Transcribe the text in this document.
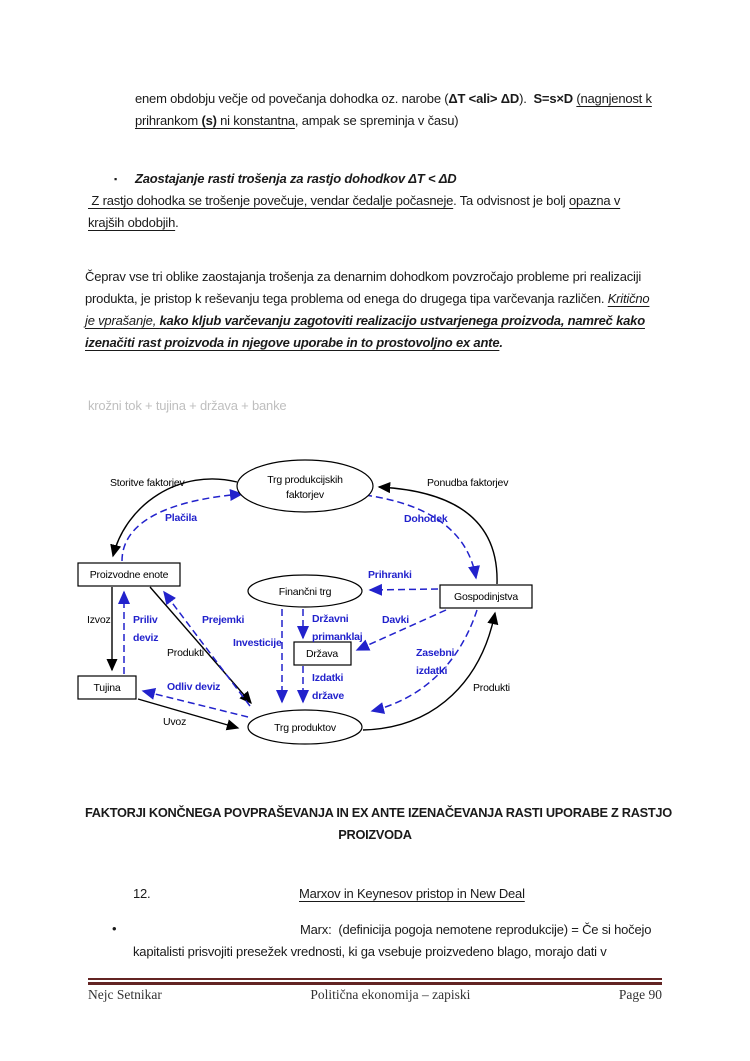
enem obdobju večje od povečanja dohodka oz. narobe (ΔT <ali> ΔD).  S=s×D (nagnjenost k
prihrankom (s) ni konstantna, ampak se spreminja v času)
▪ Zaostajanje rasti trošenja za rastjo dohodkov ΔT < ΔD
Z rastjo dohodka se trošenje povečuje, vendar čedalje počasneje. Ta odvisnost je bolj opazna v
krajših obdobjih.
Čeprav vse tri oblike zaostajanja trošenja za denarnim dohodkom povzročajo probleme pri realizaciji
produkta, je pristop k reševanju tega problema od enega do drugega tipa varčevanja različen. Kritično
je vprašanje, kako kljub varčevanju zagotoviti realizacijo ustvarjenega proizvoda, namreč kako
izenačiti rast proizvoda in njegove uporabe in to prostovoljno ex ante.
krožni tok + tujina + država + banke
Trg produkcijskih
faktorjev
Proizvodne enote
Finančni trg	Gospodinjstva
Država
Tujina
Trg produktov
Storitve faktorjev	Ponudba faktorjev
Izvoz
Produkti
Uvoz
Produkti
Plačila	Dohodek
Prihranki
Priliv
deviz
Prejemki
Investicije
Državni
primanklaj
Davki
Izdatki
države
Zasebni
izdatki
Odliv deviz
FAKTORJI KONČNEGA POVPRAŠEVANJA IN EX ANTE IZENAČEVANJA RASTI UPORABE Z RASTJO
PROIZVODA
12.	Marxov in Keynesov pristop in New Deal
•	Marx:  (definicija pogoja nemotene reprodukcije) = Če si hočejo
kapitalisti prisvojiti presežek vrednosti, ki ga vsebuje proizvedeno blago, morajo dati v
Nejc Setnikar	Politična ekonomija – zapiski	Page 90
